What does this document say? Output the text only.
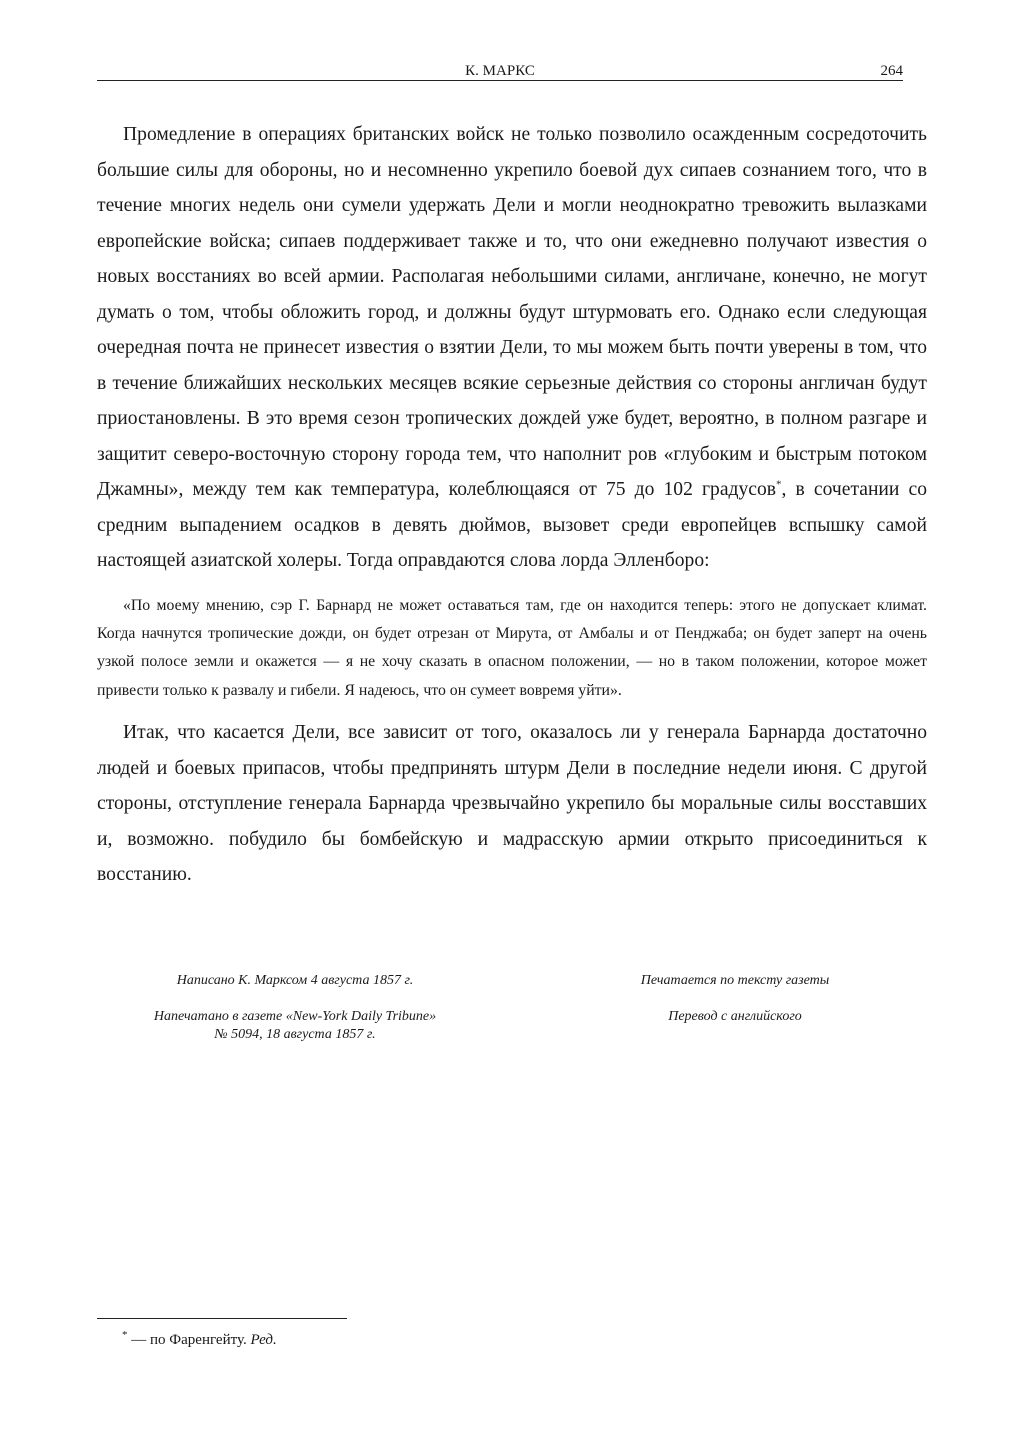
К. МАРКС	264

Промедление в операциях британских войск не только позволило осажденным сосредоточить большие силы для обороны, но и несомненно укрепило боевой дух сипаев сознанием того, что в течение многих недель они сумели удержать Дели и могли неоднократно тревожить вылазками европейские войска; сипаев поддерживает также и то, что они ежедневно получают известия о новых восстаниях во всей армии. Располагая небольшими силами, англичане, конечно, не могут думать о том, чтобы обложить город, и должны будут штурмовать его. Однако если следующая очередная почта не принесет известия о взятии Дели, то мы можем быть почти уверены в том, что в течение ближайших нескольких месяцев всякие серьезные действия со стороны англичан будут приостановлены. В это время сезон тропических дождей уже будет, вероятно, в полном разгаре и защитит северо-восточную сторону города тем, что наполнит ров «глубоким и быстрым потоком Джамны», между тем как температура, колеблющаяся от 75 до 102 градусов*, в сочетании со средним выпадением осадков в девять дюймов, вызовет среди европейцев вспышку самой настоящей азиатской холеры. Тогда оправдаются слова лорда Элленборо:

«По моему мнению, сэр Г. Барнард не может оставаться там, где он находится теперь: этого не допускает климат. Когда начнутся тропические дожди, он будет отрезан от Мирута, от Амбалы и от Пенджаба; он будет заперт на очень узкой полосе земли и окажется — я не хочу сказать в опасном положении, — но в таком положении, которое может привести только к развалу и гибели. Я надеюсь, что он сумеет вовремя уйти».

Итак, что касается Дели, все зависит от того, оказалось ли у генерала Барнарда достаточно людей и боевых припасов, чтобы предпринять штурм Дели в последние недели июня. С другой стороны, отступление генерала Барнарда чрезвычайно укрепило бы моральные силы восставших и, возможно. побудило бы бомбейскую и мадрасскую армии открыто присоединиться к восстанию.

Написано К. Марксом 4 августа 1857 г.
Напечатано в газете «New-York Daily Tribune»
№ 5094, 18 августа 1857 г.
Печатается по тексту газеты
Перевод с английского
* — по Фаренгейту. Ред.
